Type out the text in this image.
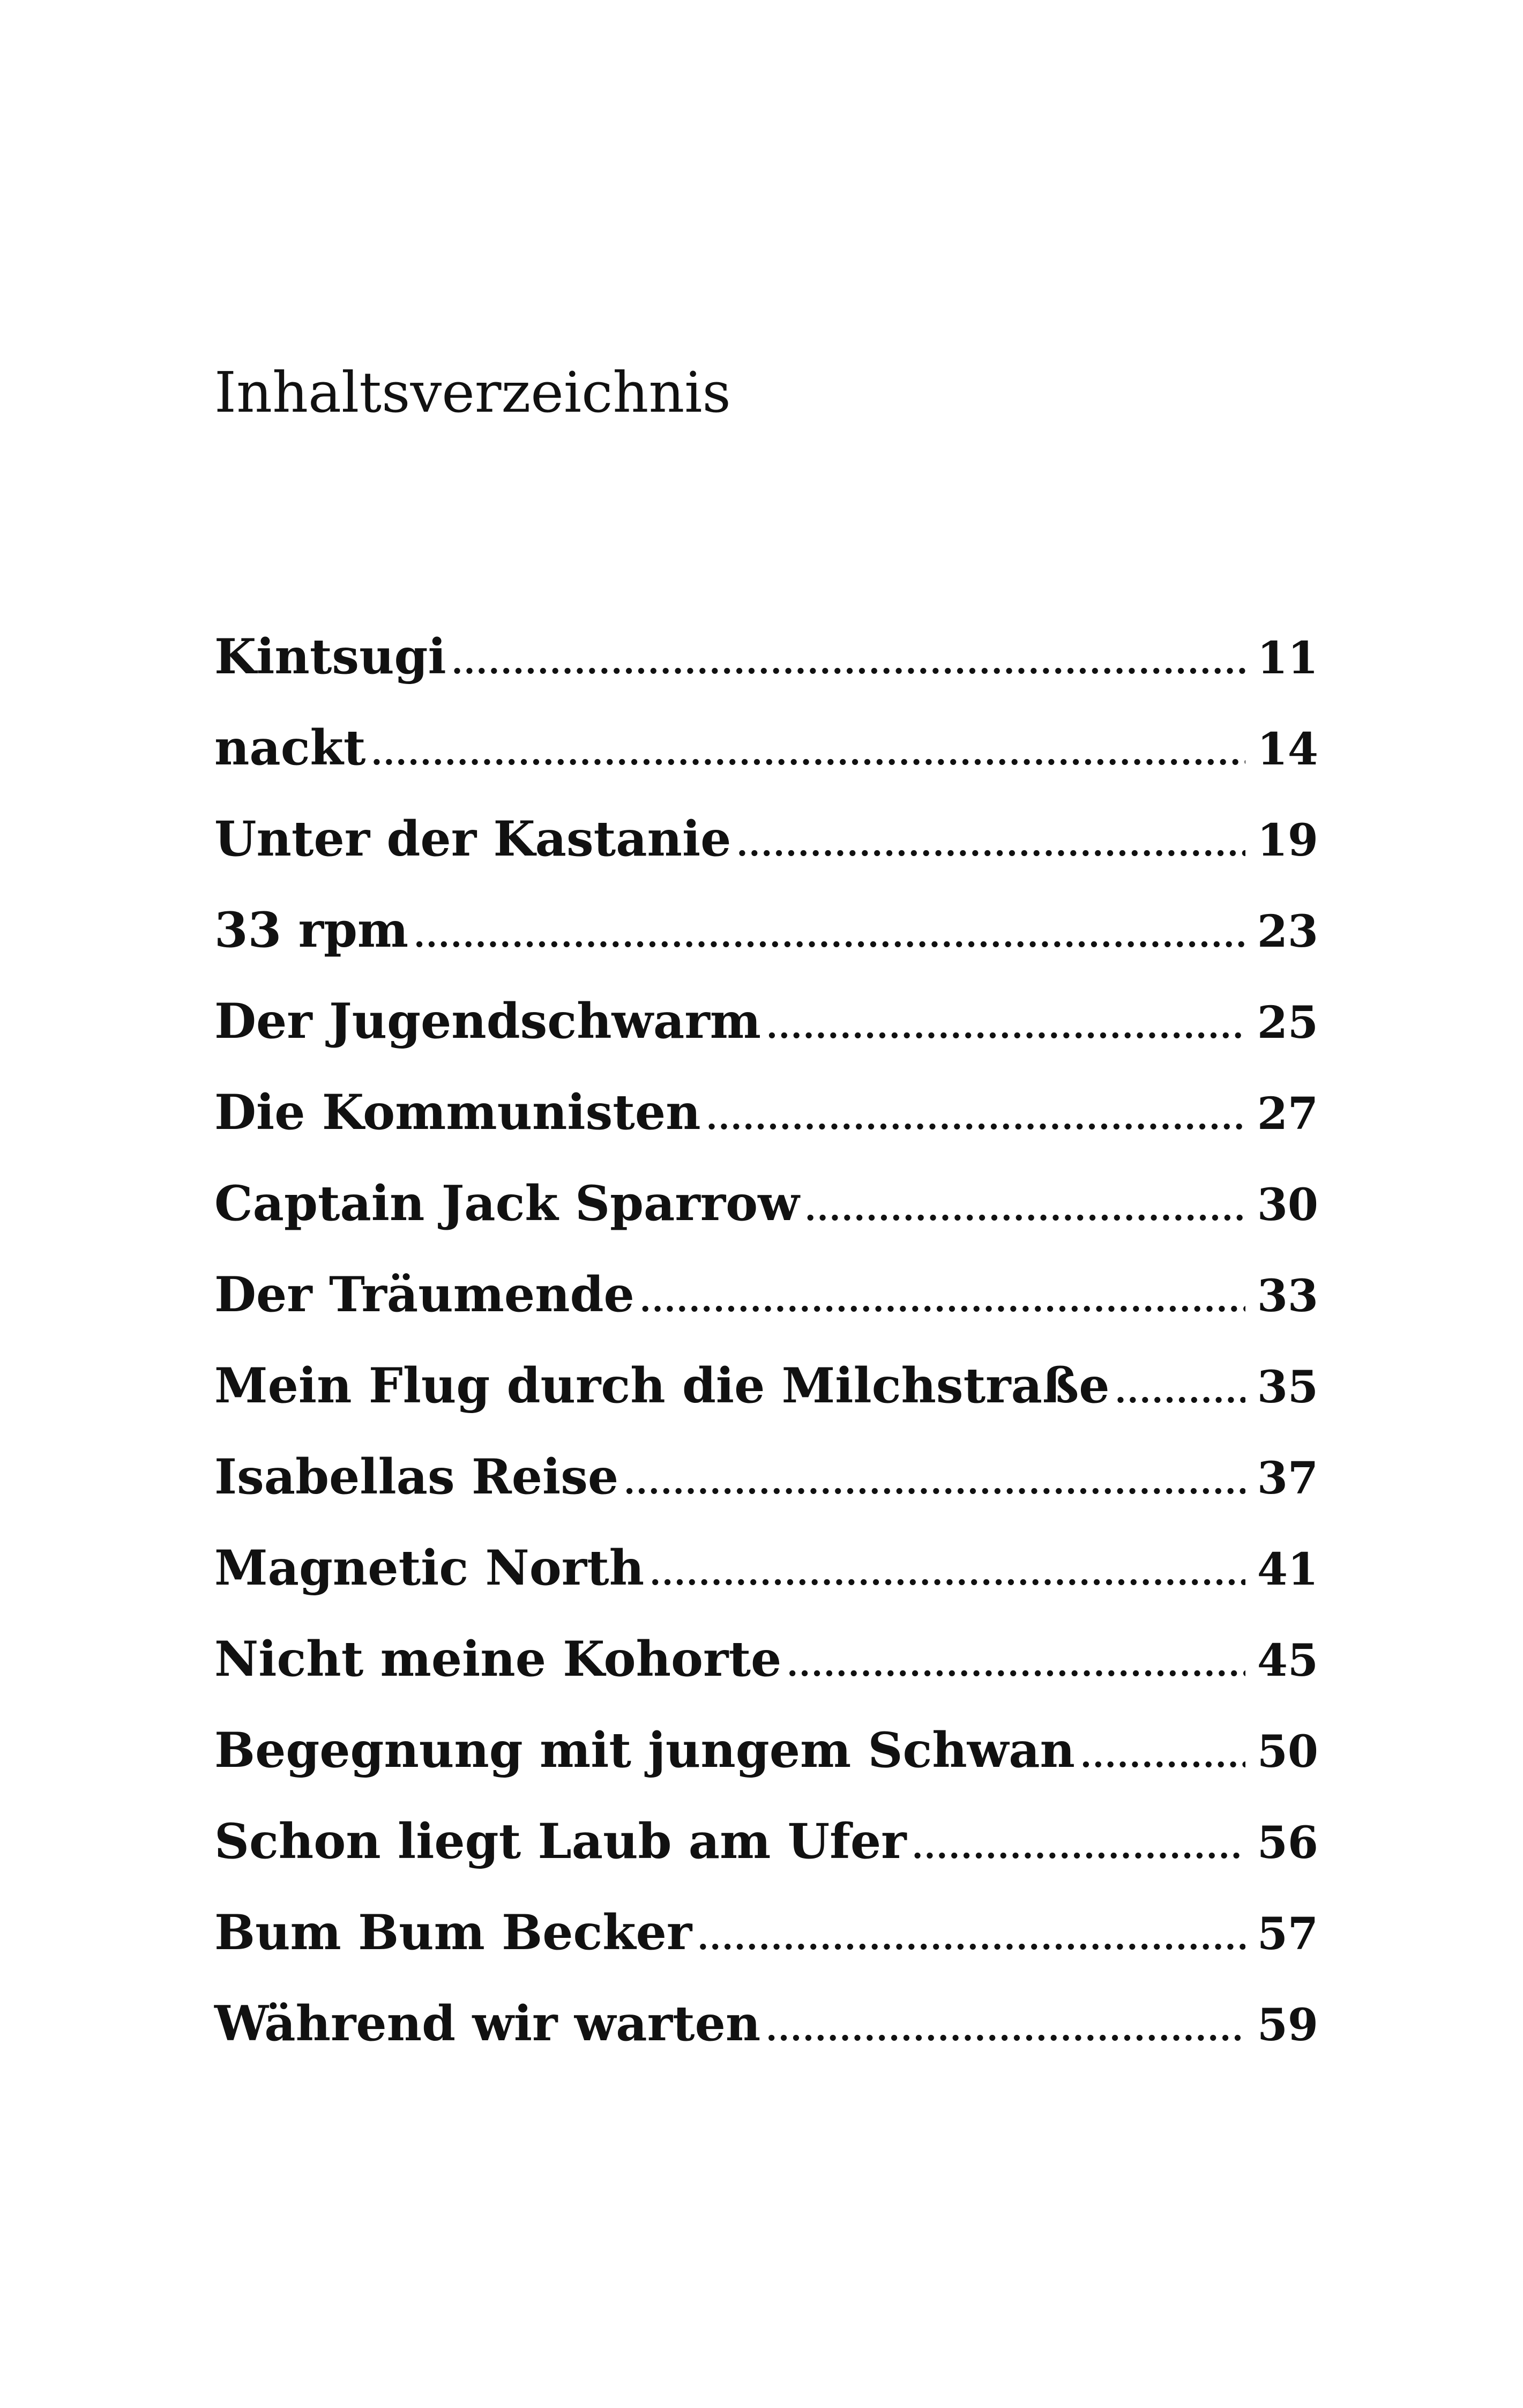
Inhaltsverzeichnis
Kintsugi .....	11
nackt .....	14
Unter der Kastanie .....	19
33 rpm .....	23
Der Jugendschwarm .....	25
Die Kommunisten .....	27
Captain Jack Sparrow .....	30
Der Träumende .....	33
Mein Flug durch die Milchstraße .....	35
Isabellas Reise .....	37
Magnetic North .....	41
Nicht meine Kohorte .....	45
Begegnung mit jungem Schwan .....	50
Schon liegt Laub am Ufer .....	56
Bum Bum Becker .....	57
Während wir warten .....	59
